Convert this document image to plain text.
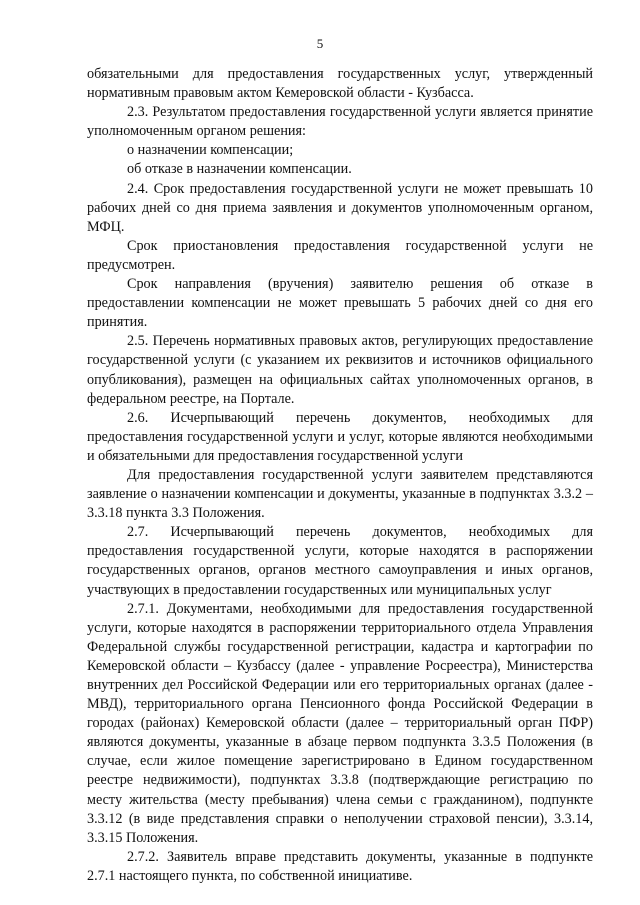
5

обязательными для предоставления государственных услуг, утвержденный нормативным правовым актом Кемеровской области - Кузбасса.

2.3. Результатом предоставления государственной услуги является принятие уполномоченным органом решения:

о назначении компенсации;

об отказе в назначении компенсации.

2.4. Срок предоставления государственной услуги не может превышать 10 рабочих дней со дня приема заявления и документов уполномоченным органом, МФЦ.

Срок приостановления предоставления государственной услуги не предусмотрен.

Срок направления (вручения) заявителю решения об отказе в предоставлении компенсации не может превышать 5 рабочих дней со дня его принятия.

2.5. Перечень нормативных правовых актов, регулирующих предоставление государственной услуги (с указанием их реквизитов и источников официального опубликования), размещен на официальных сайтах уполномоченных органов, в федеральном реестре, на Портале.

2.6. Исчерпывающий перечень документов, необходимых для предоставления государственной услуги и услуг, которые являются необходимыми и обязательными для предоставления государственной услуги

Для предоставления государственной услуги заявителем представляются заявление о назначении компенсации и документы, указанные в подпунктах 3.3.2 – 3.3.18 пункта 3.3 Положения.

2.7. Исчерпывающий перечень документов, необходимых для предоставления государственной услуги, которые находятся в распоряжении государственных органов, органов местного самоуправления и иных органов, участвующих в предоставлении государственных или муниципальных услуг

2.7.1. Документами, необходимыми для предоставления государственной услуги, которые находятся в распоряжении территориального отдела Управления Федеральной службы государственной регистрации, кадастра и картографии по Кемеровской области – Кузбассу (далее - управление Росреестра), Министерства внутренних дел Российской Федерации или его территориальных органах (далее - МВД), территориального органа Пенсионного фонда Российской Федерации в городах (районах) Кемеровской области (далее – территориальный орган ПФР) являются документы, указанные в абзаце первом подпункта 3.3.5 Положения (в случае, если жилое помещение зарегистрировано в Едином государственном реестре недвижимости), подпунктах 3.3.8 (подтверждающие регистрацию по месту жительства (месту пребывания) члена семьи с гражданином), подпункте 3.3.12 (в виде представления справки о неполучении страховой пенсии), 3.3.14, 3.3.15 Положения.

2.7.2. Заявитель вправе представить документы, указанные в подпункте 2.7.1 настоящего пункта, по собственной инициативе.
